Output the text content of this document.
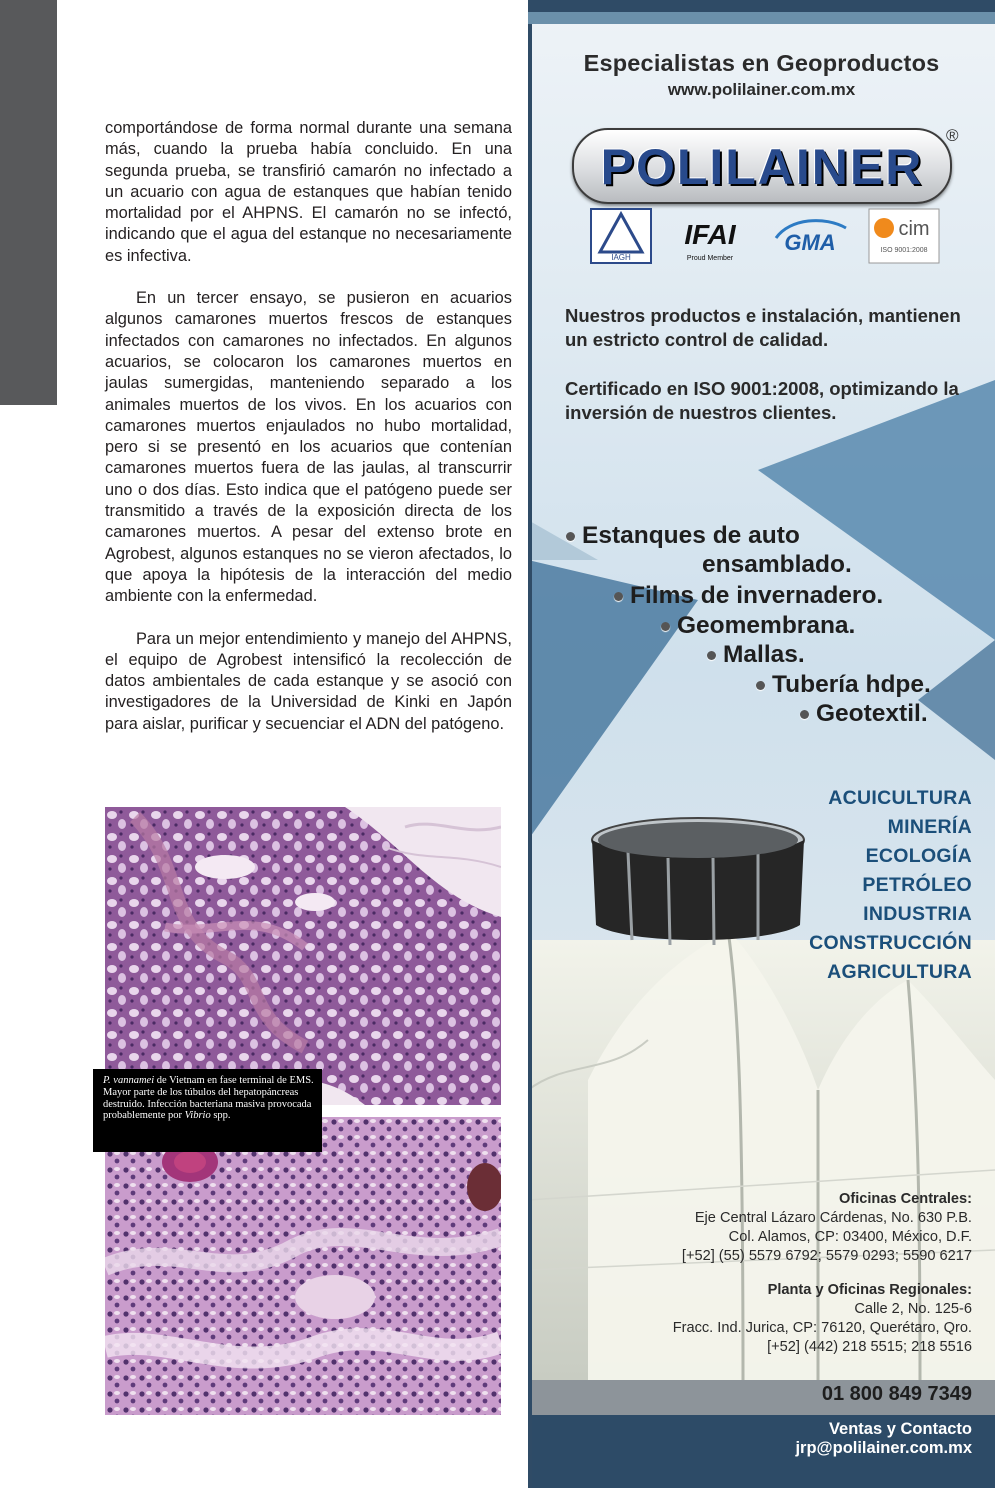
comportándose de forma normal durante una semana más, cuando la prueba había concluido. En una segunda prueba, se transfirió camarón no infectado a un acuario con agua de estanques que habían tenido mortalidad por el AHPNS. El camarón no se infectó, indicando que el agua del estanque no necesariamente es infectiva.

En un tercer ensayo, se pusieron en acuarios algunos camarones muertos frescos de estanques infectados con camarones no infectados. En algunos acuarios, se colocaron los camarones muertos en jaulas sumergidas, manteniendo separado a los animales muertos de los vivos. En los acuarios con camarones muertos enjaulados no hubo mortalidad, pero si se presentó en los acuarios que contenían camarones muertos fuera de las jaulas, al transcurrir uno o dos días. Esto indica que el patógeno puede ser transmitido a través de la exposición directa de los camarones muertos. A pesar del extenso brote en Agrobest, algunos estanques no se vieron afectados, lo que apoya la hipótesis de la interacción del medio ambiente con la enfermedad.

Para un mejor entendimiento y manejo del AHPNS, el equipo de Agrobest intensificó la recolección de datos ambientales de cada estanque y se asoció con investigadores de la Universidad de Kinki en Japón para aislar, purificar y secuenciar el ADN del patógeno.

P. vannamei de Vietnam en fase terminal de EMS. Mayor parte de los túbulos del hepatopáncreas destruido. Infección bacteriana masiva provocada probablemente por Vibrio spp.
Especialistas en Geoproductos
www.polilainer.com.mx
POLILAINER
®
IAGH
IFAI
Proud Member
GMA
cim
ISO 9001:2008
Nuestros productos e instalación, mantienen un estricto control de calidad.
Certificado en ISO 9001:2008, optimizando la inversión de nuestros clientes.
Estanques de auto
ensamblado.
Films de invernadero.
Geomembrana.
Mallas.
Tubería hdpe.
Geotextil.
ACUICULTURA
MINERÍA
ECOLOGÍA
PETRÓLEO
INDUSTRIA
CONSTRUCCIÓN
AGRICULTURA
Oficinas Centrales:
Eje Central Lázaro Cárdenas, No. 630 P.B.
Col. Alamos, CP: 03400, México, D.F.
[+52] (55) 5579 6792; 5579 0293; 5590 6217
Planta y Oficinas Regionales:
Calle 2, No. 125-6
Fracc. Ind. Jurica, CP: 76120, Querétaro, Qro.
[+52] (442) 218 5515; 218 5516
01 800 849 7349
Ventas y Contacto
jrp@polilainer.com.mx
